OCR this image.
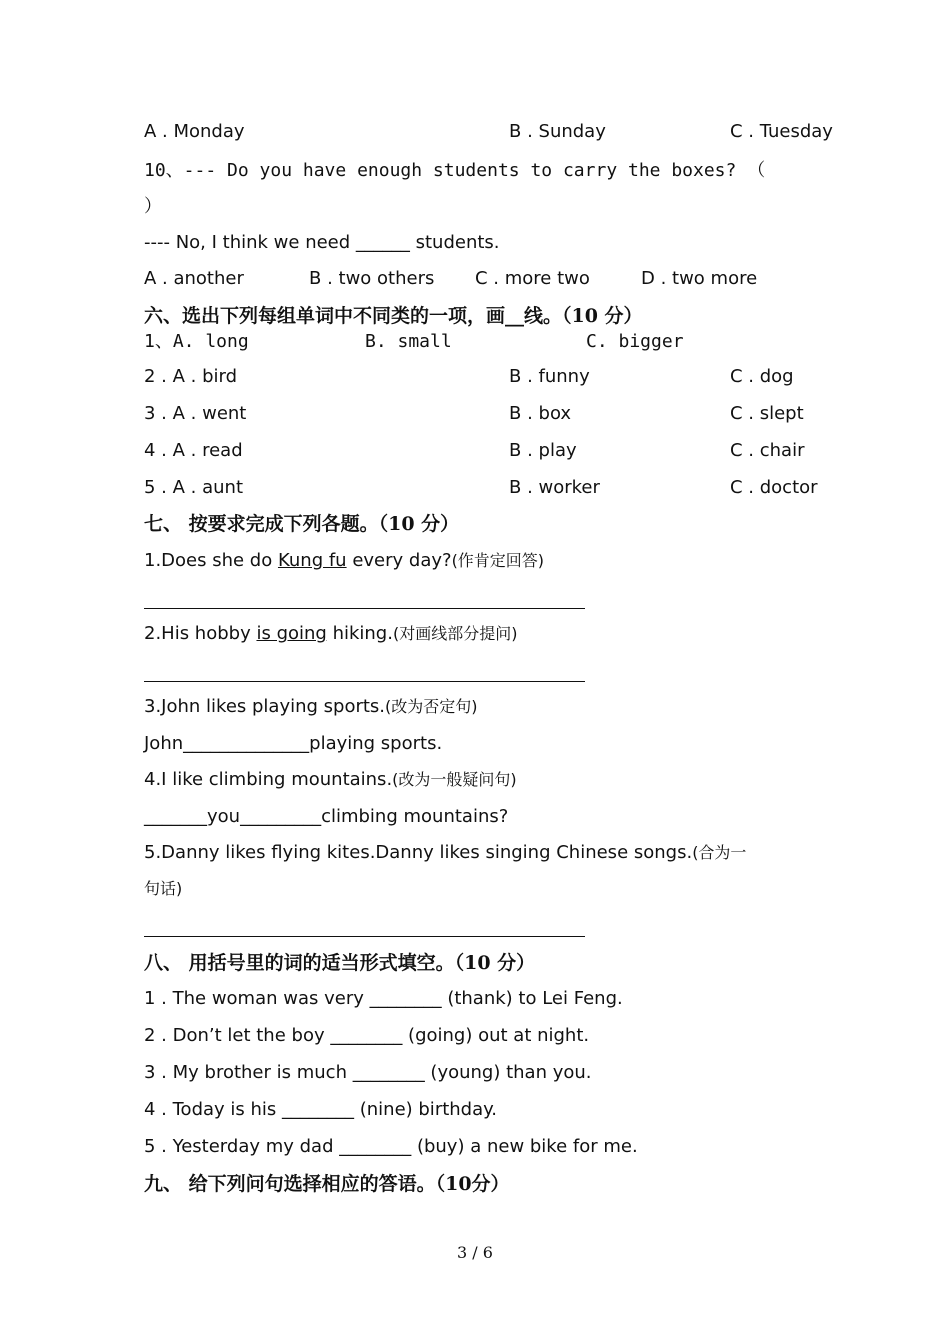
A . Monday	B . Sunday	C . Tuesday
10、--- Do you have enough students to carry the boxes? （
）
---- No, I think we need ______ students.
A . another	B . two others C . more two	D . two more
六、选出下列每组单词中不同类的一项，画__线。（10 分）
1、A. long	B. small	C. bigger
2 . A . bird	B . funny	C . dog
3 . A . went	B . box	C . slept
4 . A . read	B . play	C . chair
5 . A . aunt	B . worker	C . doctor
七、 按要求完成下列各题。（10 分）
1.Does she do Kung fu every day?(作肯定回答)
2.His hobby is going hiking.(对画线部分提问)
3.John likes playing sports.(改为否定句)
John______________playing sports.
4.I like climbing mountains.(改为一般疑问句)
_______you_________climbing mountains?
5.Danny likes flying kites.Danny likes singing Chinese songs.(合为一
句话)
八、 用括号里的词的适当形式填空。（10 分）
1 . The woman was very ________ (thank) to Lei Feng.
2 . Don’t let the boy ________ (going) out at night.
3 . My brother is much ________ (young) than you.
4 . Today is his ________ (nine) birthday.
5 . Yesterday my dad ________ (buy) a new bike for me.
九、 给下列问句选择相应的答语。（10分）
3 / 6
